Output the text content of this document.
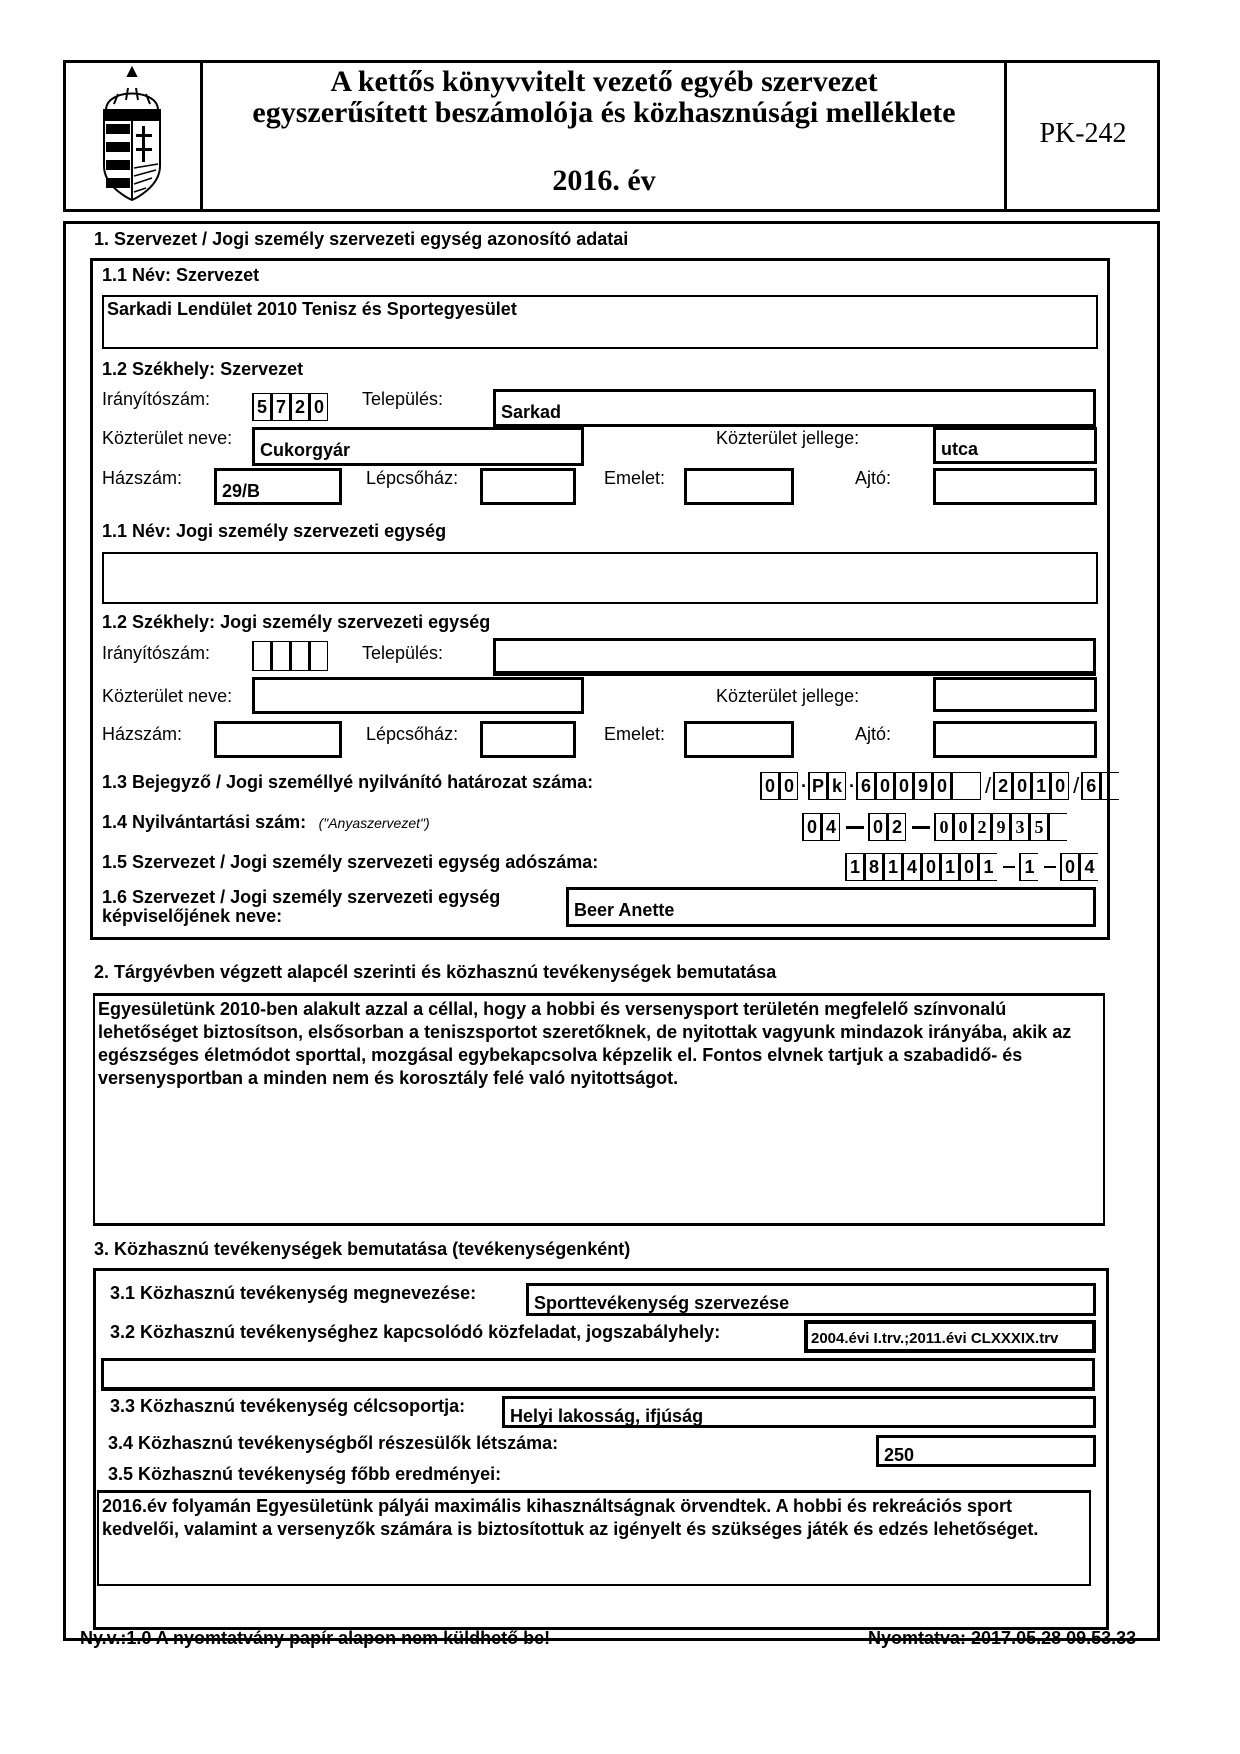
A kettős könyvvitelt vezető egyéb szervezet
egyszerűsített beszámolója és közhasznúsági melléklete
2016. év
PK-242
1. Szervezet / Jogi személy szervezeti egység azonosító adatai
1.1 Név: Szervezet
Sarkadi Lendület 2010 Tenisz és Sportegyesület
1.2 Székhely: Szervezet
Irányítószám:	5 7 2 0 Település:
Sarkad
Közterület neve:
Cukorgyár
Közterület jellege:
utca
Házszám:
29/B
Lépcsőház:	Emelet:	Ajtó:
1.1 Név: Jogi személy szervezeti egység
1.2 Székhely: Jogi személy szervezeti egység
Irányítószám:	Település:
Közterület neve:	Közterület jellege:
Házszám:	Lépcsőház:	Emelet:	Ajtó:
1.3 Bejegyző / Jogi személlyé nyilvánító határozat száma:	0 0 · P k · 6 0 0 9 0 / 2 0 1 0 / 6
1.4 Nyilvántartási szám: ("Anyaszervezet")	0 4 0 2	0 0 2 9 3 5
1.5 Szervezet / Jogi személy szervezeti egység adószáma:	1 8 1 4 0 1 0 1	1 0 4
1.6 Szervezet / Jogi személy szervezeti egység
képviselőjének neve:	Beer Anette
2. Tárgyévben végzett alapcél szerinti és közhasznú tevékenységek bemutatása
Egyesületünk 2010-ben alakult azzal a céllal, hogy a hobbi és versenysport területén megfelelő színvonalú lehetőséget biztosítson, elsősorban a teniszsportot szeretőknek, de nyitottak vagyunk mindazok irányába, akik az egészséges életmódot sporttal, mozgásal egybekapcsolva képzelik el. Fontos elvnek tartjuk a szabadidő- és versenysportban a minden nem és korosztály felé való nyitottságot.
3. Közhasznú tevékenységek bemutatása (tevékenységenként)
3.1 Közhasznú tevékenység megnevezése:	Sporttevékenység szervezése
3.2 Közhasznú tevékenységhez kapcsolódó közfeladat, jogszabályhely:	2004.évi I.trv.;2011.évi CLXXXIX.trv
3.3 Közhasznú tevékenység célcsoportja: Helyi lakosság, ifjúság
3.4 Közhasznú tevékenységből részesülők létszáma:
250
3.5 Közhasznú tevékenység főbb eredményei:
2016.év folyamán Egyesületünk pályái maximális kihasználtságnak örvendtek. A hobbi és rekreációs sport kedvelői, valamint a versenyzők számára is biztosítottuk az igényelt és szükséges játék és edzés lehetőséget.
Ny.v.:1.0 A nyomtatvány papír alapon nem küldhető be!	Nyomtatva: 2017.05.28 09.53.33
